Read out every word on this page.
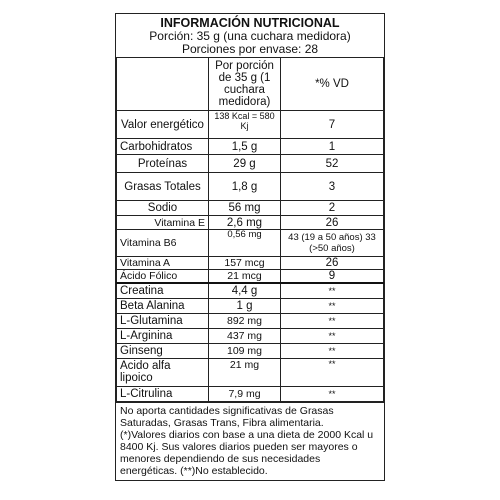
INFORMACIÓN NUTRICIONAL
Porción: 35 g (una cuchara medidora)
Porciones por envase: 28
	Por porción de 35 g (1 cuchara medidora)	*% VD
Valor energético	138 Kcal = 580 Kj	7
Carbohidratos	1,5 g	1
Proteínas	29 g	52
Grasas Totales	1,8 g	3
Sodio	56 mg	2
Vitamina E	2,6 mg	26
Vitamina B6	0,56 mg	43 (19 a 50 años) 33 (>50 años)
Vitamina A	157 mcg	26
Ácido Fólico	21 mcg	9
Creatina	4,4 g	**
Beta Alanina	1 g	**
L-Glutamina	892 mg	**
L-Arginina	437 mg	**
Ginseng	109 mg	**
Acido alfa lipoico	21 mg	**
L-Citrulina	7,9 mg	**

No aporta cantidades significativas de Grasas Saturadas, Grasas Trans, Fibra alimentaria.

(*)Valores diarios con base a una dieta de 2000 Kcal u 8400 Kj. Sus valores diarios pueden ser mayores o menores dependiendo de sus necesidades energéticas. (**)No establecido.
